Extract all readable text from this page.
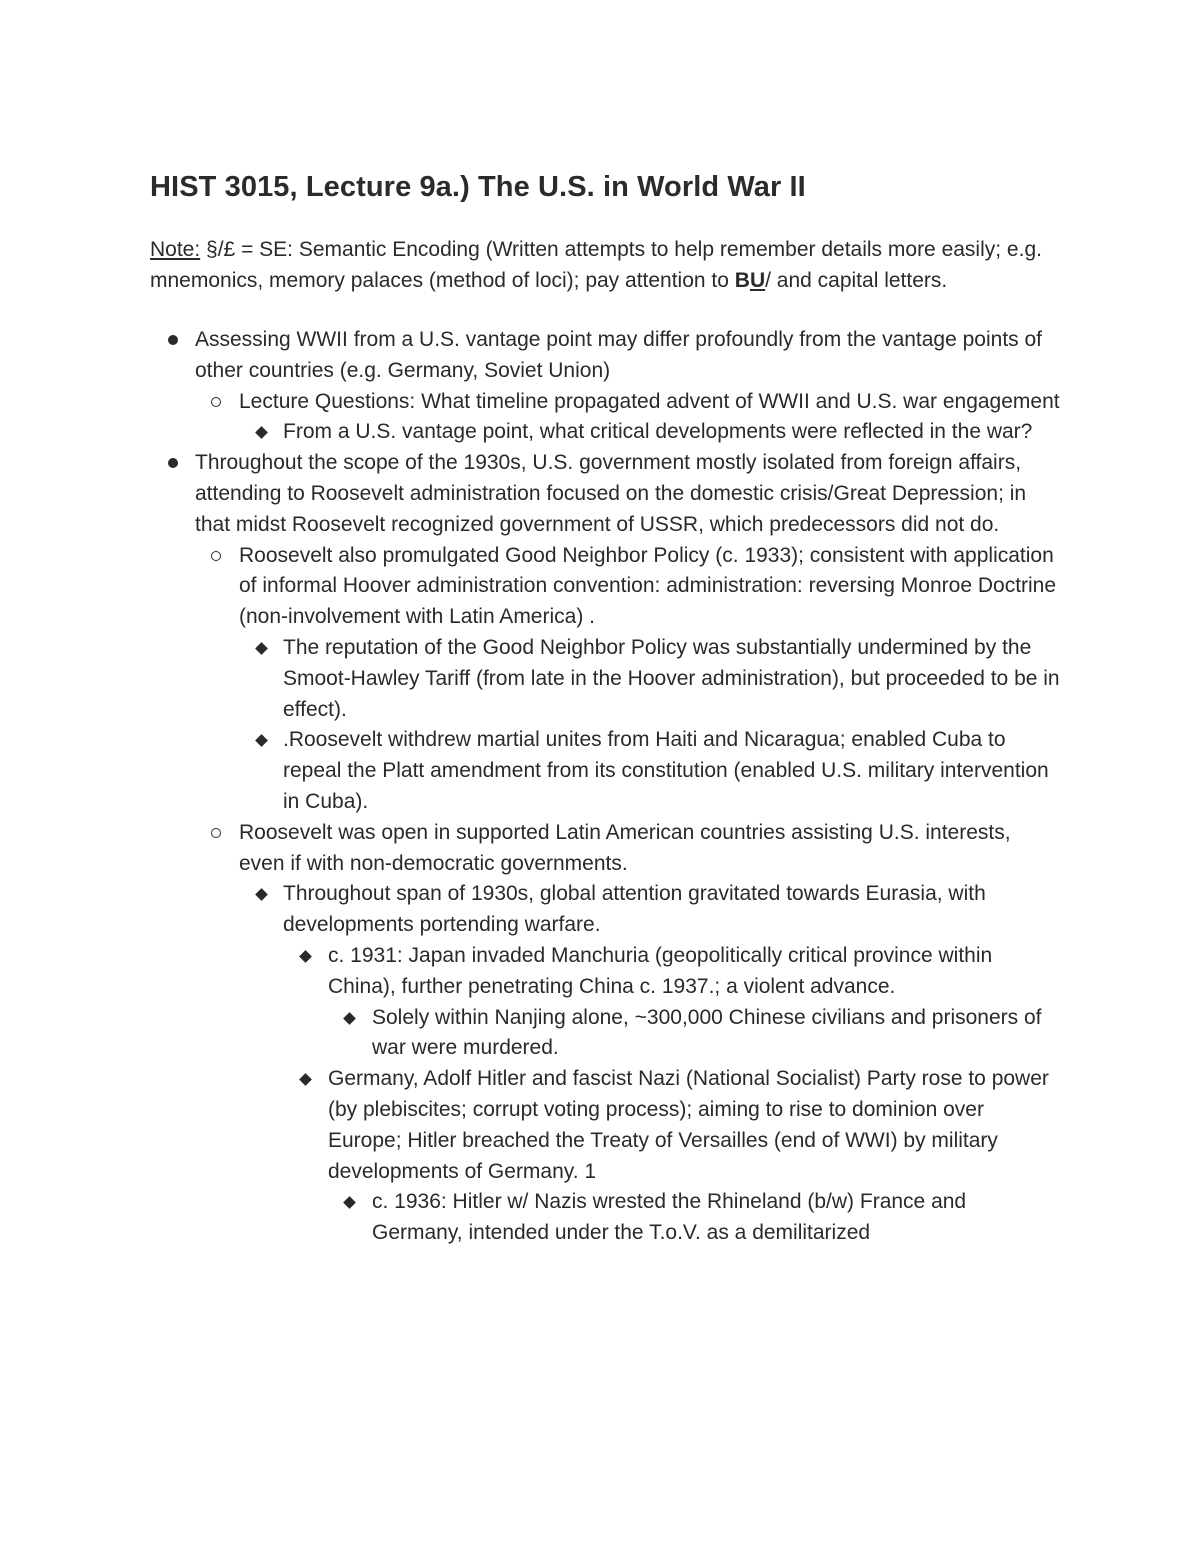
HIST 3015, Lecture 9a.) The U.S. in World War II
Note: §/£ = SE: Semantic Encoding (Written attempts to help remember details more easily; e.g. mnemonics, memory palaces (method of loci); pay attention to BU/ and capital letters.
Assessing WWII from a U.S. vantage point may differ profoundly from the vantage points of other countries (e.g. Germany, Soviet Union)
Lecture Questions: What timeline propagated advent of WWII and U.S. war engagement
From a U.S. vantage point, what critical developments were reflected in the war?
Throughout the scope of the 1930s, U.S. government mostly isolated from foreign affairs, attending to Roosevelt administration focused on the domestic crisis/Great Depression; in that midst Roosevelt recognized government of USSR, which predecessors did not do.
Roosevelt also promulgated Good Neighbor Policy (c. 1933); consistent with application of informal Hoover administration convention: administration: reversing Monroe Doctrine (non-involvement with Latin America) .
The reputation of the Good Neighbor Policy was substantially undermined by the Smoot-Hawley Tariff (from late in the Hoover administration), but proceeded to be in effect).
.Roosevelt withdrew martial unites from Haiti and Nicaragua; enabled Cuba to repeal the Platt amendment from its constitution (enabled U.S. military intervention in Cuba).
Roosevelt was open in supported Latin American countries assisting U.S. interests, even if with non-democratic governments.
Throughout span of 1930s, global attention gravitated towards Eurasia, with developments portending warfare.
c. 1931: Japan invaded Manchuria (geopolitically critical province within China), further penetrating China c. 1937.; a violent advance.
Solely within Nanjing alone, ~300,000 Chinese civilians and prisoners of war were murdered.
Germany, Adolf Hitler and fascist Nazi (National Socialist) Party rose to power (by plebiscites; corrupt voting process); aiming to rise to dominion over Europe; Hitler breached the Treaty of Versailles (end of WWI) by military developments of Germany. 1
c. 1936: Hitler w/ Nazis wrested the Rhineland (b/w) France and Germany, intended under the T.o.V. as a demilitarized
